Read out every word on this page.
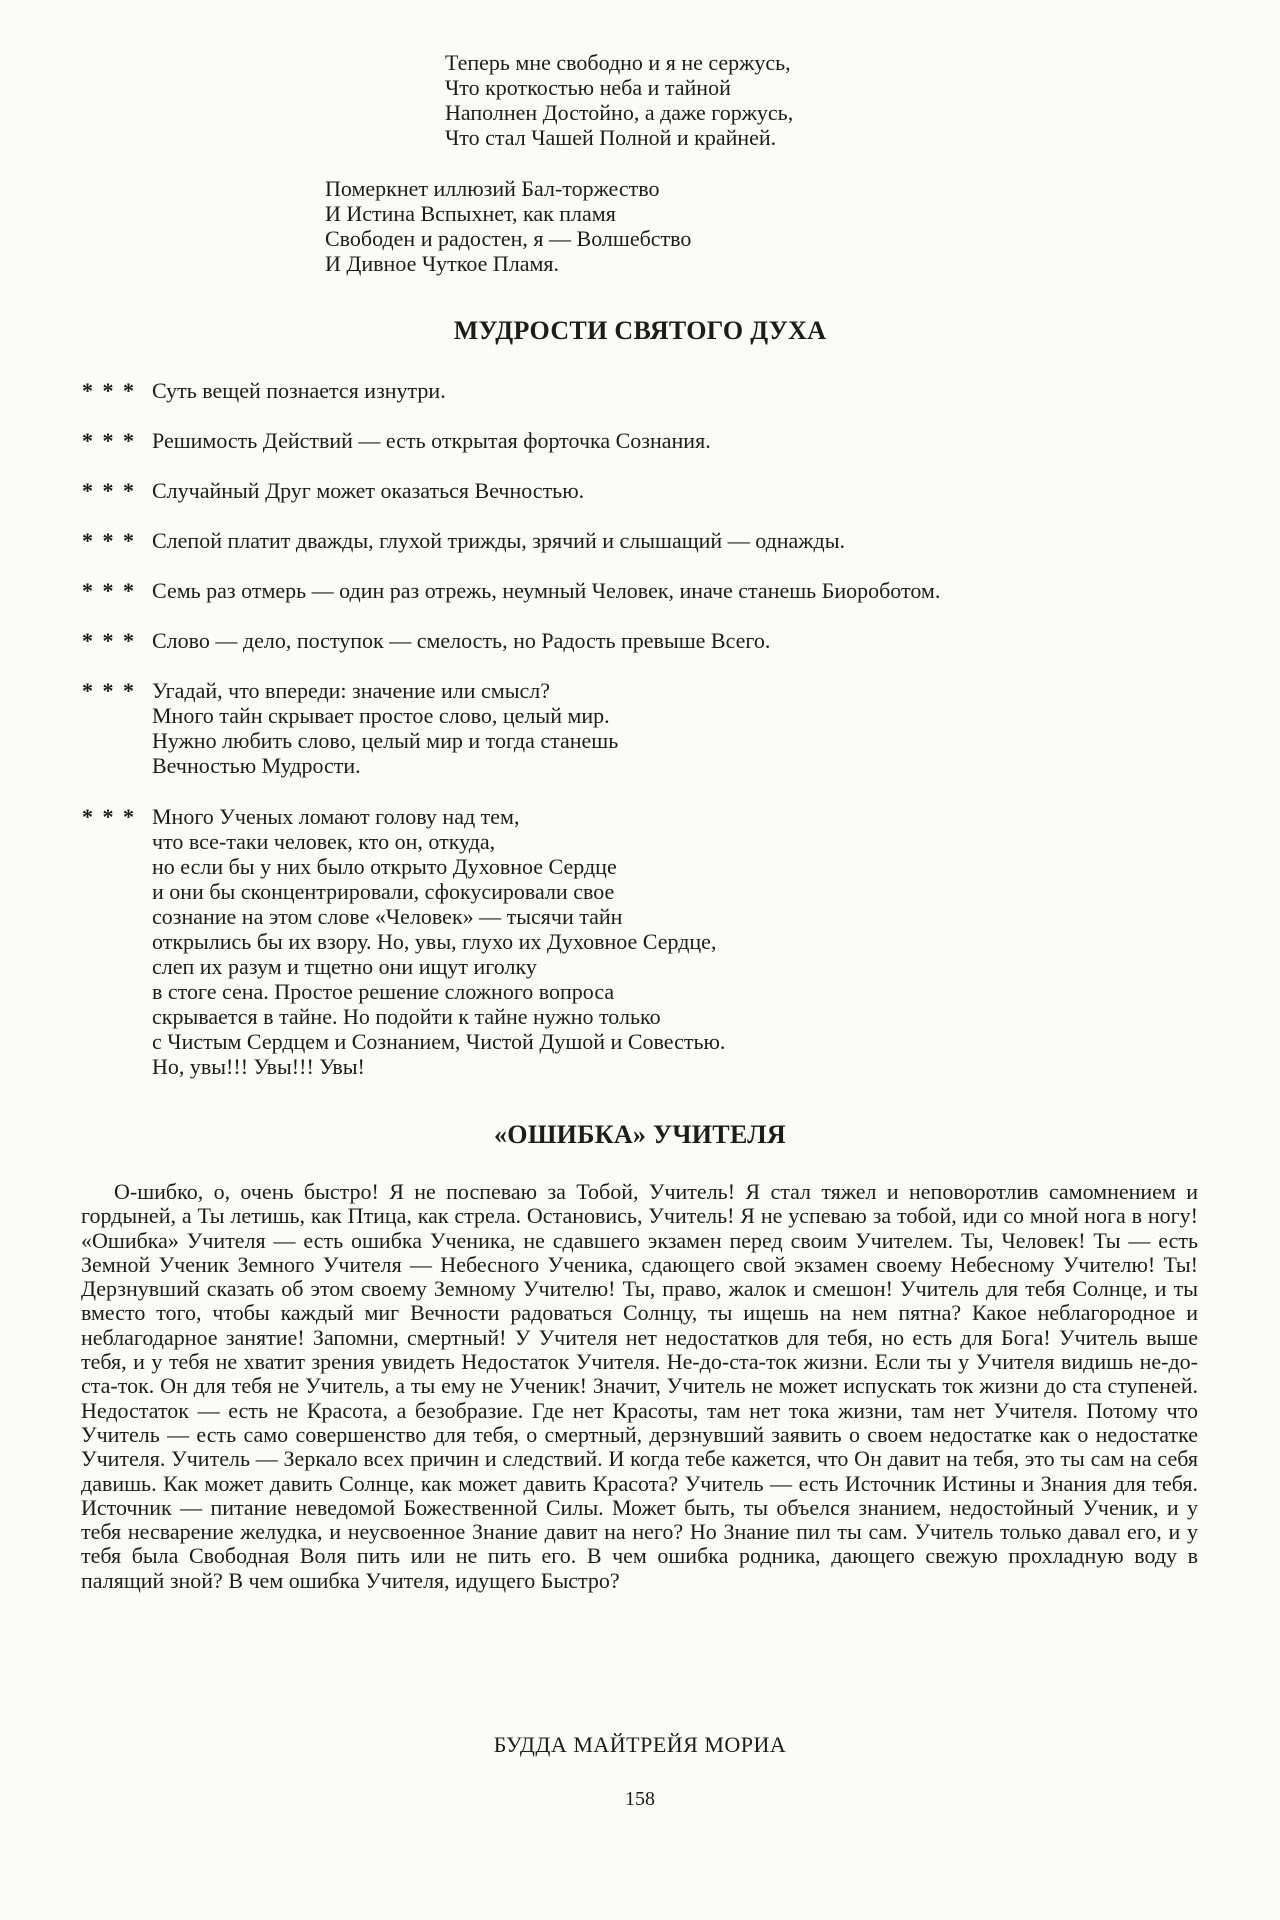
Теперь мне свободно и я не сержусь,
Что кроткостью неба и тайной
Наполнен Достойно, а даже горжусь,
Что стал Чашей Полной и крайней.
Померкнет иллюзий Бал-торжество
И Истина Вспыхнет, как пламя
Свободен и радостен, я — Волшебство
И Дивное Чуткое Пламя.
МУДРОСТИ СВЯТОГО ДУХА
* * * Суть вещей познается изнутри.
* * * Решимость Действий — есть открытая форточка Сознания.
* * * Случайный Друг может оказаться Вечностью.
* * * Слепой платит дважды, глухой трижды, зрячий и слышащий — однажды.
* * * Семь раз отмерь — один раз отрежь, неумный Человек, иначе станешь Биороботом.
* * * Слово — дело, поступок — смелость, но Радость превыше Всего.
* * * Угадай, что впереди: значение или смысл?
Много тайн скрывает простое слово, целый мир.
Нужно любить слово, целый мир и тогда станешь
Вечностью Мудрости.
* * * Много Ученых ломают голову над тем,
что все-таки человек, кто он, откуда,
но если бы у них было открыто Духовное Сердце
и они бы сконцентрировали, сфокусировали свое
сознание на этом слове «Человек» — тысячи тайн
открылись бы их взору. Но, увы, глухо их Духовное Сердце,
слеп их разум и тщетно они ищут иголку
в стоге сена. Простое решение сложного вопроса
скрывается в тайне. Но подойти к тайне нужно только
с Чистым Сердцем и Сознанием, Чистой Душой и Совестью.
Но, увы!!! Увы!!! Увы!
«ОШИБКА» УЧИТЕЛЯ

О-шибко, о, очень быстро! Я не поспеваю за Тобой, Учитель! Я стал тяжел и неповоротлив самомнением и гордыней, а Ты летишь, как Птица, как стрела. Остановись, Учитель! Я не успеваю за тобой, иди со мной нога в ногу! «Ошибка» Учителя — есть ошибка Ученика, не сдавшего экзамен перед своим Учителем. Ты, Человек! Ты — есть Земной Ученик Земного Учителя — Небесного Ученика, сдающего свой экзамен своему Небесному Учителю! Ты! Дерзнувший сказать об этом своему Земному Учителю! Ты, право, жалок и смешон! Учитель для тебя Солнце, и ты вместо того, чтобы каждый миг Вечности радоваться Солнцу, ты ищешь на нем пятна? Какое неблагородное и неблагодарное занятие! Запомни, смертный! У Учителя нет недостатков для тебя, но есть для Бога! Учитель выше тебя, и у тебя не хватит зрения увидеть Недостаток Учителя. Не-до-ста-ток жизни. Если ты у Учителя видишь не-до-ста-ток. Он для тебя не Учитель, а ты ему не Ученик! Значит, Учитель не может испускать ток жизни до ста ступеней. Недостаток — есть не Красота, а безобразие. Где нет Красоты, там нет тока жизни, там нет Учителя. Потому что Учитель — есть само совершенство для тебя, о смертный, дерзнувший заявить о своем недостатке как о недостатке Учителя. Учитель — Зеркало всех причин и следствий. И когда тебе кажется, что Он давит на тебя, это ты сам на себя давишь. Как может давить Солнце, как может давить Красота? Учитель — есть Источник Истины и Знания для тебя. Источник — питание неведомой Божественной Силы. Может быть, ты объелся знанием, недостойный Ученик, и у тебя несварение желудка, и неусвоенное Знание давит на него? Но Знание пил ты сам. Учитель только давал его, и у тебя была Свободная Воля пить или не пить его. В чем ошибка родника, дающего свежую прохладную воду в палящий зной? В чем ошибка Учителя, идущего Быстро?

БУДДА МАЙТРЕЙЯ МОРИА
158
